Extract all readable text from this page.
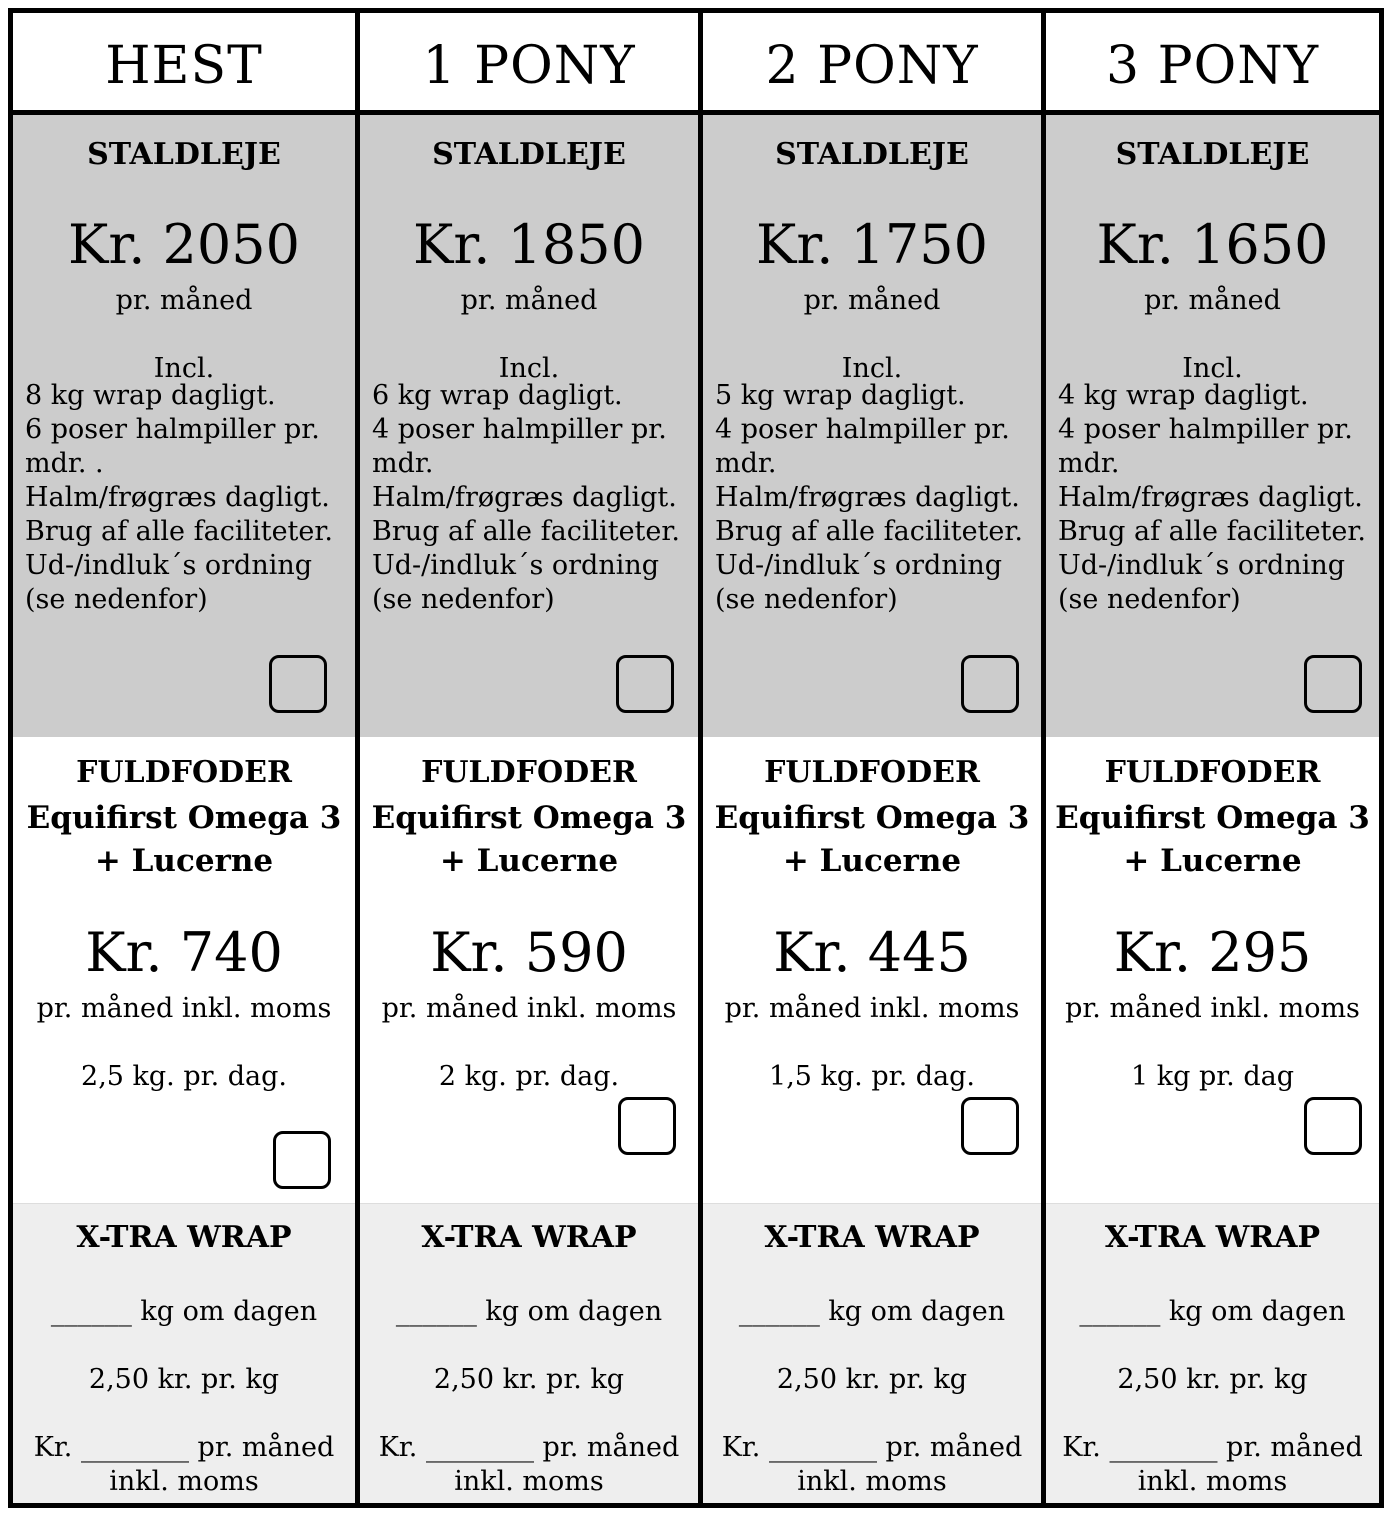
HEST
STALDLEJE
Kr. 2050
pr. måned
Incl.
8 kg wrap dagligt.
6 poser halmpiller pr.
mdr. .
Halm/frøgræs dagligt.
Brug af alle faciliteter.
Ud-/indluk´s ordning
(se nedenfor)
FULDFODER
Equifirst Omega 3
+ Lucerne
Kr. 740
pr. måned inkl. moms
2,5 kg. pr. dag.
X-TRA WRAP
______ kg om dagen
2,50 kr. pr. kg
Kr. ________ pr. måned
inkl. moms
1 PONY
STALDLEJE
Kr. 1850
pr. måned
Incl.
6 kg wrap dagligt.
4 poser halmpiller pr.
mdr.
Halm/frøgræs dagligt.
Brug af alle faciliteter.
Ud-/indluk´s ordning
(se nedenfor)
FULDFODER
Equifirst Omega 3
+ Lucerne
Kr. 590
pr. måned inkl. moms
2 kg. pr. dag.
X-TRA WRAP
______ kg om dagen
2,50 kr. pr. kg
Kr. ________ pr. måned
inkl. moms
2 PONY
STALDLEJE
Kr. 1750
pr. måned
Incl.
5 kg wrap dagligt.
4 poser halmpiller pr.
mdr.
Halm/frøgræs dagligt.
Brug af alle faciliteter.
Ud-/indluk´s ordning
(se nedenfor)
FULDFODER
Equifirst Omega 3
+ Lucerne
Kr. 445
pr. måned inkl. moms
1,5 kg. pr. dag.
X-TRA WRAP
______ kg om dagen
2,50 kr. pr. kg
Kr. ________ pr. måned
inkl. moms
3 PONY
STALDLEJE
Kr. 1650
pr. måned
Incl.
4 kg wrap dagligt.
4 poser halmpiller pr.
mdr.
Halm/frøgræs dagligt.
Brug af alle faciliteter.
Ud-/indluk´s ordning
(se nedenfor)
FULDFODER
Equifirst Omega 3
+ Lucerne
Kr. 295
pr. måned inkl. moms
1 kg pr. dag
X-TRA WRAP
______ kg om dagen
2,50 kr. pr. kg
Kr. ________ pr. måned
inkl. moms
